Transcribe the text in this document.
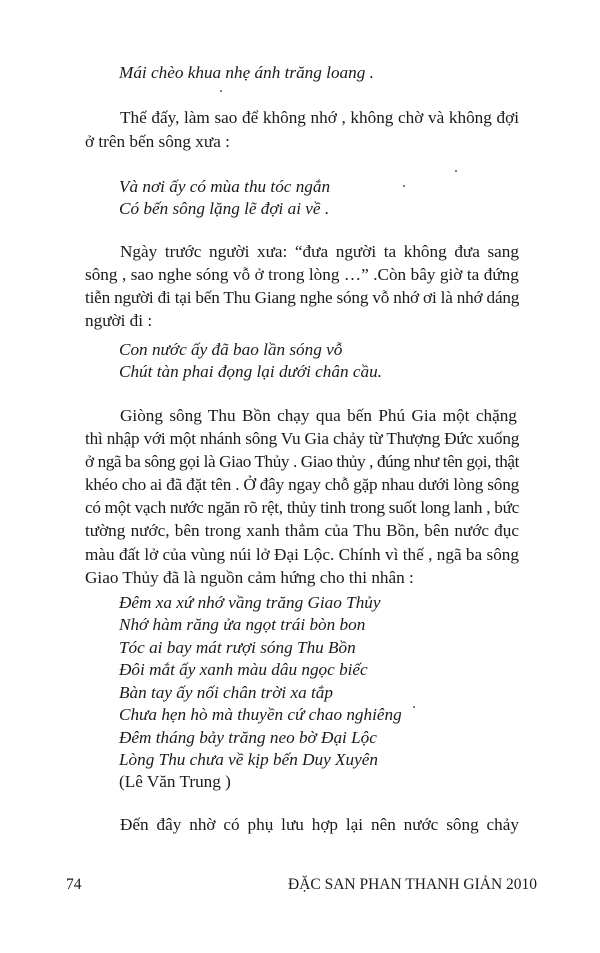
Mái chèo khua nhẹ ánh trăng loang .
Thế đấy, làm sao để không nhớ , không chờ và không đợi
ở trên bến sông xưa :
Và nơi ấy có mùa thu tóc ngắn
Có bến sông lặng lẽ đợi ai về .
Ngày trước người xưa: “đưa người ta không đưa sang
sông , sao nghe sóng vỗ ở trong lòng …” .Còn bây giờ ta đứng
tiễn người đi tại bến Thu Giang nghe sóng vỗ nhớ ơi là nhớ dáng
người đi :
Con nước ấy đã bao lần sóng vỗ
Chút tàn phai đọng lại dưới chân cầu.
Giòng sông Thu Bồn chạy qua bến Phú Gia một chặng
thì nhập với một nhánh sông Vu Gia chảy từ Thượng Đức xuống
ở ngã ba sông gọi là Giao Thủy . Giao thủy , đúng như tên gọi, thật
khéo cho ai đã đặt tên . Ở đây ngay chỗ gặp nhau dưới lòng sông
có một vạch nước ngăn rõ rệt, thủy tinh trong suốt long lanh , bức
tường nước, bên trong xanh thẳm của Thu Bồn, bên nước đục
màu đất lở của vùng núi lở Đại Lộc. Chính vì thế , ngã ba sông
Giao Thủy đã là nguồn cảm hứng cho thi nhân :
Đêm xa xứ nhớ vầng trăng Giao Thủy
Nhớ hàm răng ửa ngọt trái bòn bon
Tóc ai bay mát rượi sóng Thu Bồn
Đôi mắt ấy xanh màu dâu ngọc biếc
Bàn tay ấy nối chân trời xa tắp
Chưa hẹn hò mà thuyền cứ chao nghiêng
Đêm tháng bảy trăng neo bờ Đại Lộc
Lòng Thu chưa về kịp bến Duy Xuyên
(Lê Văn Trung )
Đến đây nhờ có phụ lưu hợp lại nên nước sông chảy
74	ĐẶC SAN PHAN THANH GIẢN 2010
